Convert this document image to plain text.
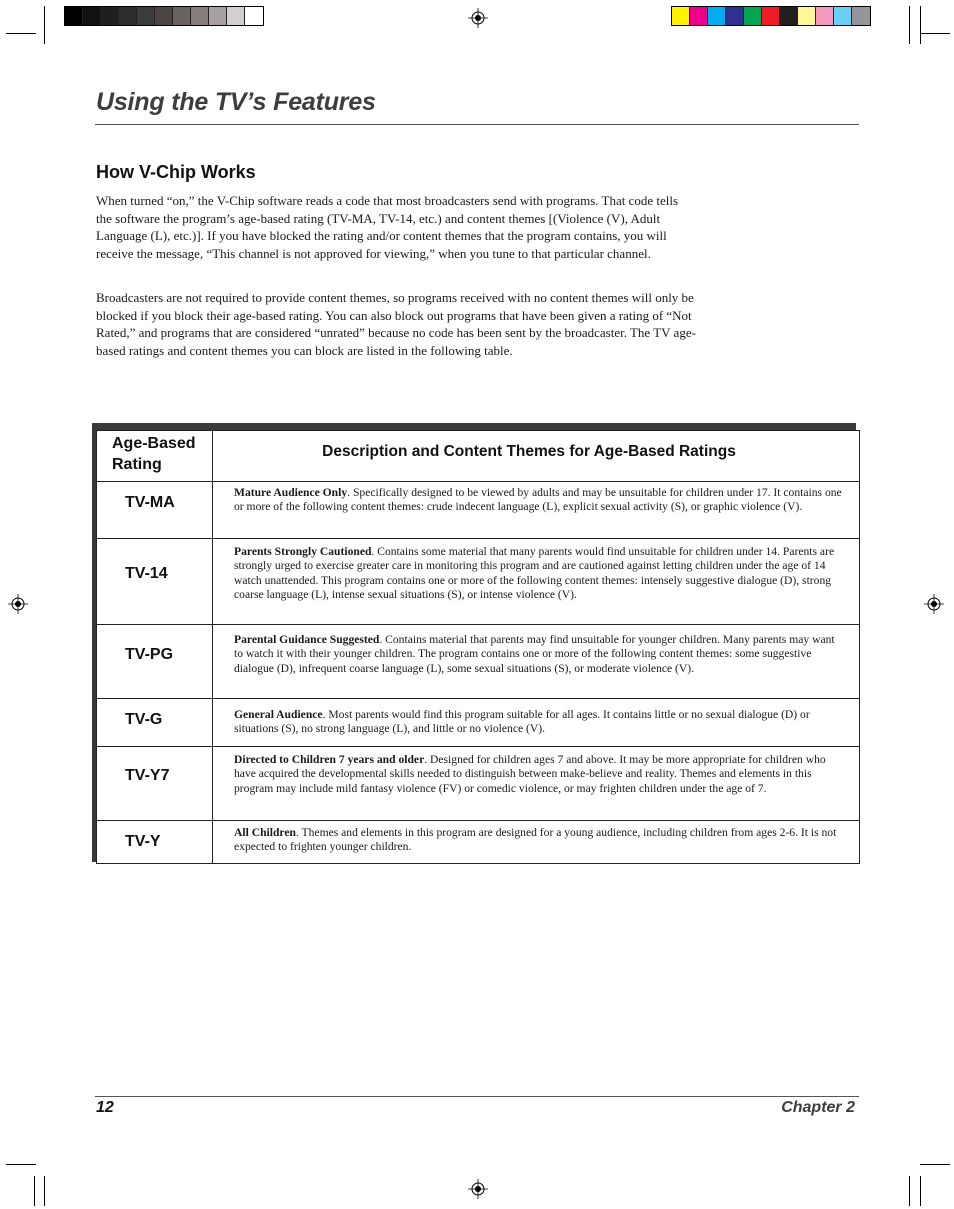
Using the TV’s Features
How V-Chip Works

When turned “on,” the V-Chip software reads a code that most broadcasters send with programs. That code tells the software the program’s age-based rating (TV-MA, TV-14, etc.) and content themes [(Violence (V), Adult Language (L), etc.)]. If you have blocked the rating and/or content themes that the program contains, you will receive the message, “This channel is not approved for viewing,” when you tune to that particular channel.

Broadcasters are not required to provide content themes, so programs received with no content themes will only be blocked if you block their age-based rating. You can also block out programs that have been given a rating of “Not Rated,” and programs that are considered “unrated” because no code has been sent by the broadcaster. The TV age-based ratings and content themes you can block are listed in the following table.

Age-Based Rating
Description and Content Themes for Age-Based Ratings
TV-MA
Mature Audience Only. Specifically designed to be viewed by adults and may be unsuitable for children under 17. It contains one or more of the following content themes: crude indecent language (L), explicit sexual activity (S), or graphic violence (V).
TV-14
Parents Strongly Cautioned. Contains some material that many parents would find unsuitable for children under 14. Parents are strongly urged to exercise greater care in monitoring this program and are cautioned against letting children under the age of 14 watch unattended. This program contains one or more of the following content themes: intensely suggestive dialogue (D), strong coarse language (L), intense sexual situations (S), or intense violence (V).
TV-PG
Parental Guidance Suggested. Contains material that parents may find unsuitable for younger children. Many parents may want to watch it with their younger children. The program contains one or more of the following content themes: some suggestive dialogue (D), infrequent coarse language (L), some sexual situations (S), or moderate violence (V).
TV-G	General Audience. Most parents would find this program suitable for all ages. It contains little or no sexual dialogue (D) or situations (S), no strong language (L), and little or no violence (V).
TV-Y7
Directed to Children 7 years and older. Designed for children ages 7 and above. It may be more appropriate for children who have acquired the developmental skills needed to distinguish between make-believe and reality. Themes and elements in this program may include mild fantasy violence (FV) or comedic violence, or may frighten children under the age of 7.
TV-Y
All Children. Themes and elements in this program are designed for a young audience, including children from ages 2-6. It is not expected to frighten younger children.
12	Chapter 2
